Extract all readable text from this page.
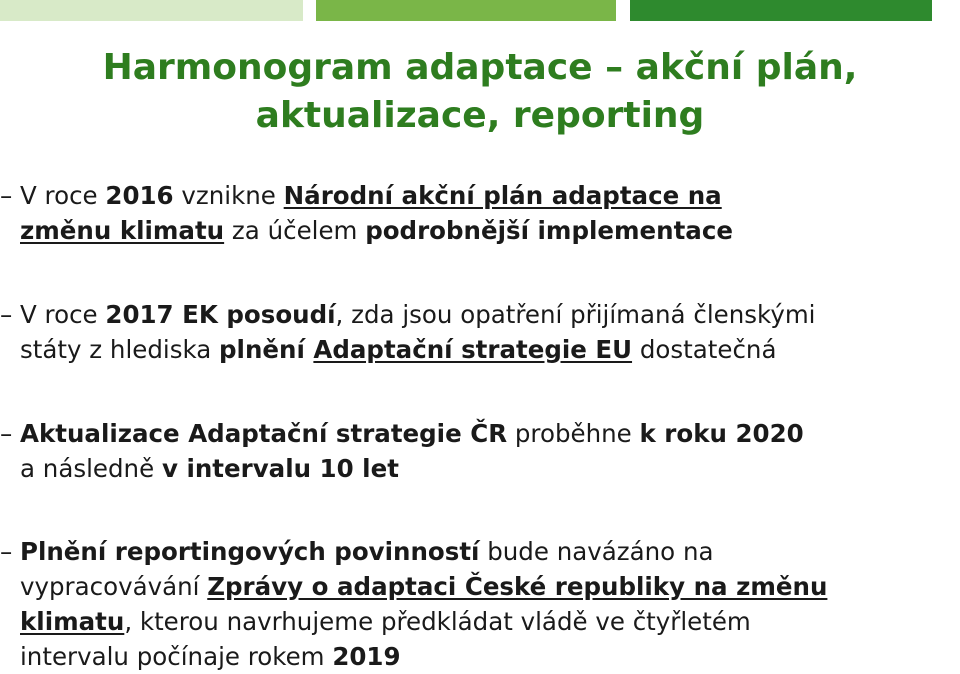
Harmonogram adaptace – akční plán,
aktualizace, reporting
– V roce 2016 vznikne Národní akční plán adaptace na
změnu klimatu za účelem podrobnější implementace
– V roce 2017 EK posoudí, zda jsou opatření přijímaná členskými
státy z hlediska plnění Adaptační strategie EU dostatečná
– Aktualizace Adaptační strategie ČR proběhne k roku 2020
a následně v intervalu 10 let
– Plnění reportingových povinností bude navázáno na
vypracovávání Zprávy o adaptaci České republiky na změnu
klimatu, kterou navrhujeme předkládat vládě ve čtyřletém
intervalu počínaje rokem 2019
